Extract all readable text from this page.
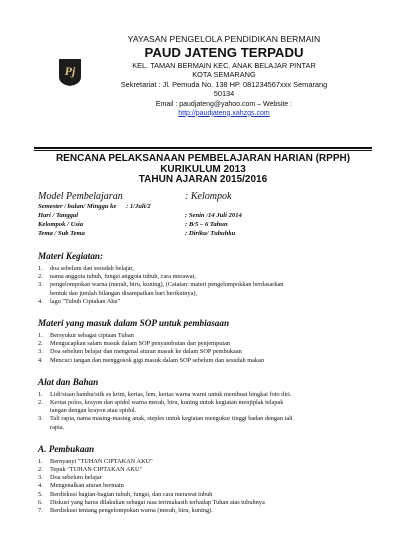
Pj
YAYASAN PENGELOLA PENDIDIKAN BERMAIN
PAUD JATENG TERPADU
KEL. TAMAN BERMAIN KEC. ANAK BELAJAR PINTAR
KOTA SEMARANG
Sekretariat : Jl. Pemuda No. 138 HP. 081234567xxx Semarang
50134
Email : paudjateng@yahoo.com – Website :
http://paudjateng.xahzgs.com
RENCANA PELAKSANAAN PEMBELAJARAN HARIAN (RPPH)
KURIKULUM 2013
TAHUN AJARAN 2015/2016
Model Pembelajaran	: Kelompok
Semester / bulan/ Minggu ke : 1/Juli/2
Hari / Tanggal	: Senin /14 Juli 2014
Kelompok / Usia	: B/5 – 6 Tahun
Tema / Sub Tema	: Diriku/ Tubuhku
Materi Kegiatan:
1. doa sebelum dan sesudah belajar,
2. nama anggota tubuh, fungsi anggota tubuh, cara merawat,
3. pengelompokan warna (merah, biru, kuning), (Catatan: materi pengelompokkan berdasarkan
bentuk dan jumlah bilangan disampaikan hari berikutnya),
4. lagu "Tubuh Ciptakan Aku"
Materi yang masuk dalam SOP untuk pembiasaan
1. Bersyukur sebagai ciptaan Tuhan
2. Mengucapkan salam masuk dalam SOP penyambutan dan penjemputan
3. Doa sebelum belajar dan mengenal aturan masuk ke dalam SOP pembukaan
4. Mencuci tangan dan menggosok gigi masuk dalam SOP sebelum dan sesudah makan
Alat dan Bahan
1. Lidi/sisan bambu/stik es krim, kertas, lem, kertas warna warni untuk membuat bingkai foto diri.
2. Kertas polos, krayon dan spidol warna merah, biru, kuning untuk kegiatan menjiplak telapak
tangan dengan krayon atau spidol.
3. Tali rapia, nama masing-masing anak, steples untuk kegiatan mengukur tinggi badan dengan tali
rapia.
A. Pembukaan
1. Bernyanyi "TUHAN CIPTAKAN AKU"
2. Tepuk "TUHAN CIPTAKAN AKU"
3. Doa sebelum belajar
4. Mengenalkan aturan bermain
5. Berdiskusi bagian-bagian tubuh, fungsi, dan cara merawat tubuh
6. Diskusi yang harus dilakukan sebagai rasa terimakasih terhadap Tuhan atas tubuhnya
7. Berdiskusi tentang pengelompokan warna (merah, biru, kuning).
